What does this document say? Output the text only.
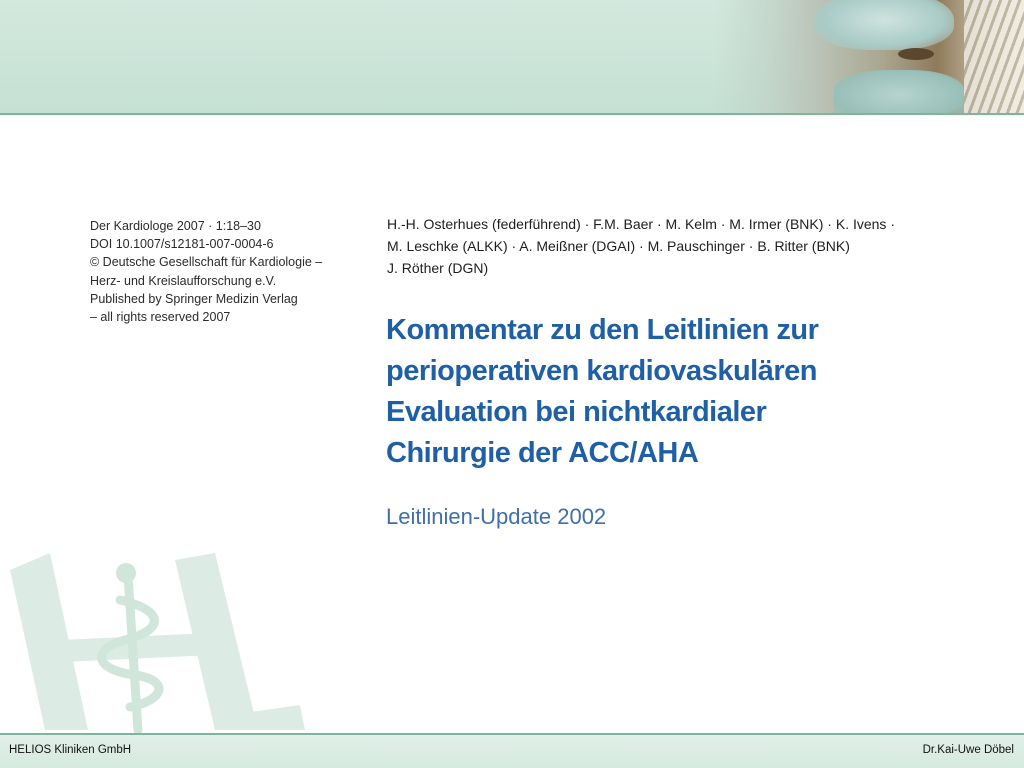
Der Kardiologe 2007 · 1:18–30
DOI 10.1007/s12181-007-0004-6
© Deutsche Gesellschaft für Kardiologie –
Herz- und Kreislaufforschung e.V.
Published by Springer Medizin Verlag
– all rights reserved 2007
H.-H. Osterhues (federführend) · F.M. Baer · M. Kelm · M. Irmer (BNK) · K. Ivens ·
M. Leschke (ALKK) · A. Meißner (DGAI) · M. Pauschinger · B. Ritter (BNK)
J. Röther (DGN)
Kommentar zu den Leitlinien zur
perioperativen kardiovaskulären
Evaluation bei nichtkardialer
Chirurgie der ACC/AHA
Leitlinien-Update 2002
HELIOS Kliniken GmbH	Dr.Kai-Uwe Döbel
